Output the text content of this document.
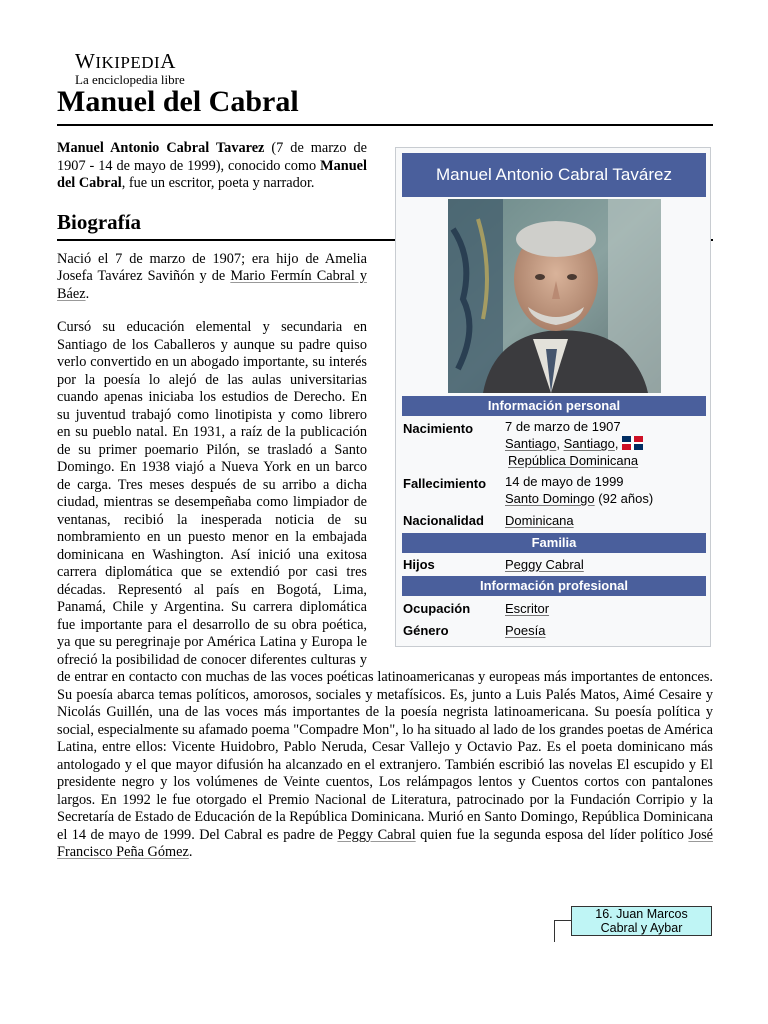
WIKIPEDIA
La enciclopedia libre
Manuel del Cabral

Manuel Antonio Cabral Tavarez (7 de marzo de 1907 - 14 de mayo de 1999), conocido como Manuel del Cabral, fue un escritor, poeta y narrador.

Biografía

Nació el 7 de marzo de 1907; era hijo de Amelia Josefa Tavárez Saviñón y de Mario Fermín Cabral y Báez.

Cursó su educación elemental y secundaria en Santiago de los Caballeros y aunque su padre quiso verlo convertido en un abogado importante, su interés por la poesía lo alejó de las aulas universitarias cuando apenas iniciaba los estudios de Derecho. En su juventud trabajó como linotipista y como librero en su pueblo natal. En 1931, a raíz de la publicación de su primer poemario Pilón, se trasladó a Santo Domingo. En 1938 viajó a Nueva York en un barco de carga. Tres meses después de su arribo a dicha ciudad, mientras se desempeñaba como limpiador de ventanas, recibió la inesperada noticia de su nombramiento en un puesto menor en la embajada dominicana en Washington. Así inició una exitosa carrera diplomática que se extendió por casi tres décadas. Representó al país en Bogotá, Lima, Panamá, Chile y Argentina. Su carrera diplomática fue importante para el desarrollo de su obra poética, ya que su peregrinaje por América Latina y Europa le ofreció la posibilidad de conocer diferentes culturas y de entrar en contacto con muchas de las voces poéticas latinoamericanas y europeas más importantes de entonces. Su poesía abarca temas políticos, amorosos, sociales y metafísicos. Es, junto a Luis Palés Matos, Aimé Cesaire y Nicolás Guillén, una de las voces más importantes de la poesía negrista latinoamericana. Su poesía política y social, especialmente su afamado poema "Compadre Mon", lo ha situado al lado de los grandes poetas de América Latina, entre ellos: Vicente Huidobro, Pablo Neruda, Cesar Vallejo y Octavio Paz. Es el poeta dominicano más antologado y el que mayor difusión ha alcanzado en el extranjero. También escribió las novelas El escupido y El presidente negro y los volúmenes de Veinte cuentos, Los relámpagos lentos y Cuentos cortos con pantalones largos. En 1992 le fue otorgado el Premio Nacional de Literatura, patrocinado por la Fundación Corripio y la Secretaría de Estado de Educación de la República Dominicana. Murió en Santo Domingo, República Dominicana el 14 de mayo de 1999. Del Cabral es padre de Peggy Cabral quien fue la segunda esposa del líder político José Francisco Peña Gómez.

Manuel Antonio Cabral Tavárez
Información personal
Nacimiento 7 de marzo de 1907
Santiago, Santiago,
República Dominicana
Fallecimiento 14 de mayo de 1999
Santo Domingo (92 años)
Nacionalidad Dominicana
Familia
Hijos	Peggy Cabral
Información profesional
Ocupación	Escritor
Género	Poesía
16. Juan Marcos
Cabral y Aybar
